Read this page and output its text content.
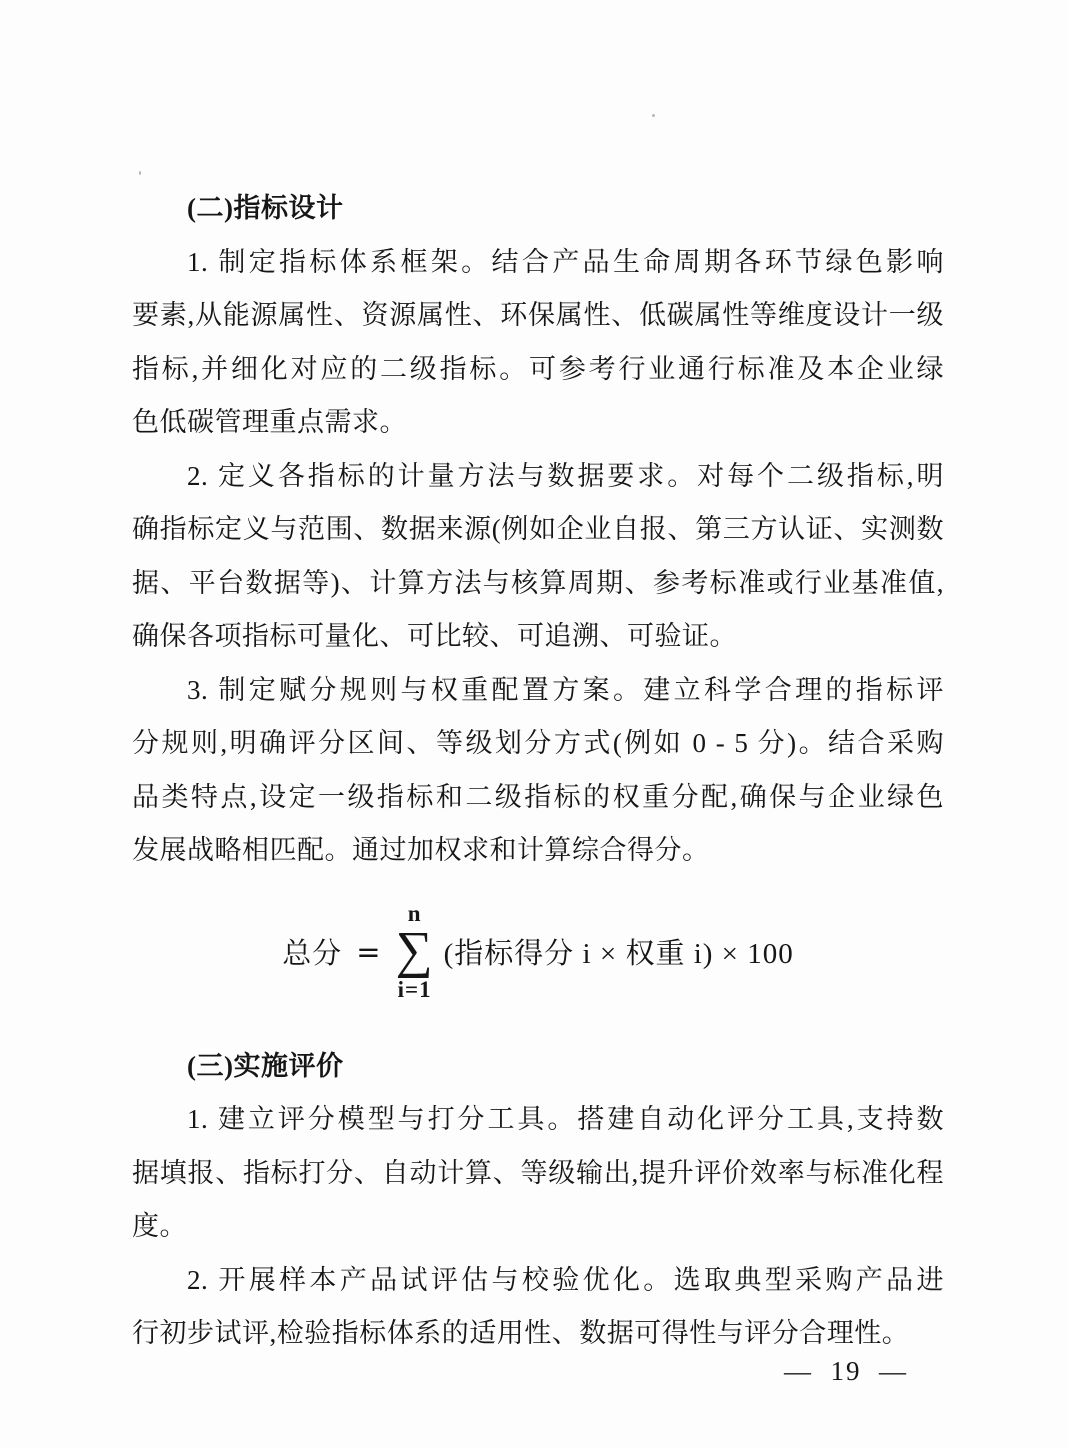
(二)指标设计
1. 制定指标体系框架。结合产品生命周期各环节绿色影响
要素,从能源属性、资源属性、环保属性、低碳属性等维度设计一级
指标,并细化对应的二级指标。可参考行业通行标准及本企业绿
色低碳管理重点需求。
2. 定义各指标的计量方法与数据要求。对每个二级指标,明
确指标定义与范围、数据来源(例如企业自报、第三方认证、实测数
据、平台数据等)、计算方法与核算周期、参考标准或行业基准值,
确保各项指标可量化、可比较、可追溯、可验证。
3. 制定赋分规则与权重配置方案。建立科学合理的指标评
分规则,明确评分区间、等级划分方式(例如 0 - 5 分)。结合采购
品类特点,设定一级指标和二级指标的权重分配,确保与企业绿色
发展战略相匹配。通过加权求和计算综合得分。
总分 =
n
∑
i=1
(指标得分 i × 权重 i) × 100
(三)实施评价
1. 建立评分模型与打分工具。搭建自动化评分工具,支持数
据填报、指标打分、自动计算、等级输出,提升评价效率与标准化程
度。
2. 开展样本产品试评估与校验优化。选取典型采购产品进
行初步试评,检验指标体系的适用性、数据可得性与评分合理性。
—  19  —
